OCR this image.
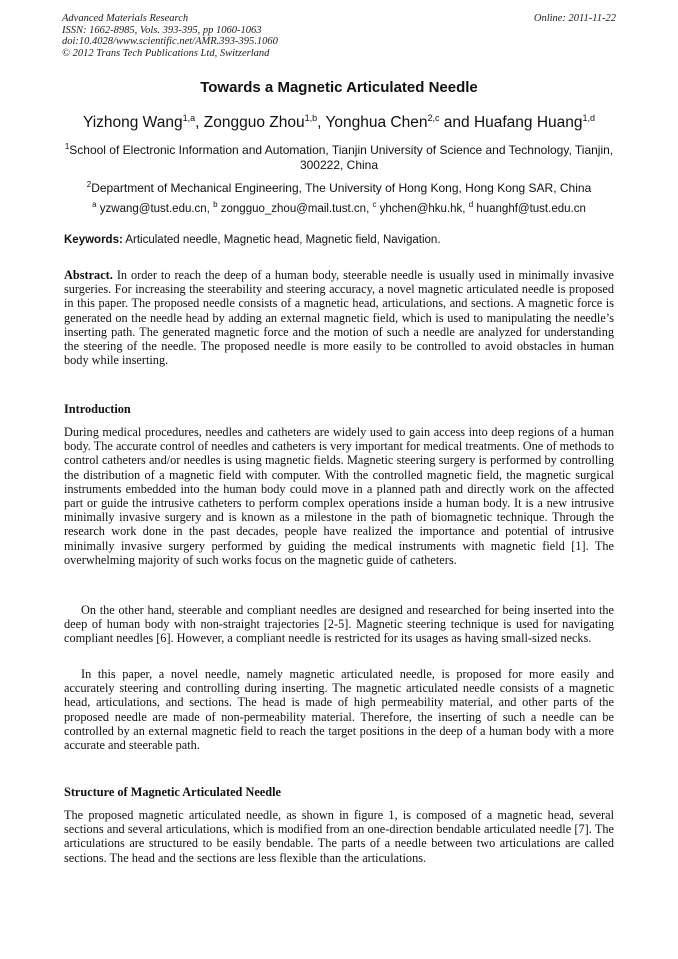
Advanced Materials Research
ISSN: 1662-8985, Vols. 393-395, pp 1060-1063
doi:10.4028/www.scientific.net/AMR.393-395.1060
© 2012 Trans Tech Publications Ltd, Switzerland
Online: 2011-11-22
Towards a Magnetic Articulated Needle
Yizhong Wang$^{1,a}$, Zongguo Zhou$^{1,b}$, Yonghua Chen$^{2,c}$ and Huafang Huang$^{1,d}$
$^1$School of Electronic Information and Automation, Tianjin University of Science and Technology, Tianjin, 300222, China
$^2$Department of Mechanical Engineering, The University of Hong Kong, Hong Kong SAR, China
$^a$ yzwang@tust.edu.cn, $^b$ zongguo_zhou@mail.tust.cn, $^c$ yhchen@hku.hk, $^d$ huanghf@tust.edu.cn
Keywords: Articulated needle, Magnetic head, Magnetic field, Navigation.

Abstract. In order to reach the deep of a human body, steerable needle is usually used in minimally invasive surgeries. For increasing the steerability and steering accuracy, a novel magnetic articulated needle is proposed in this paper. The proposed needle consists of a magnetic head, articulations, and sections. A magnetic force is generated on the needle head by adding an external magnetic field, which is used to manipulating the needle’s inserting path. The generated magnetic force and the motion of such a needle are analyzed for understanding the steering of the needle. The proposed needle is more easily to be controlled to avoid obstacles in human body while inserting.

Introduction

During medical procedures, needles and catheters are widely used to gain access into deep regions of a human body. The accurate control of needles and catheters is very important for medical treatments. One of methods to control catheters and/or needles is using magnetic fields. Magnetic steering surgery is performed by controlling the distribution of a magnetic field with computer. With the controlled magnetic field, the magnetic surgical instruments embedded into the human body could move in a planned path and directly work on the affected part or guide the intrusive catheters to perform complex operations inside a human body. It is a new intrusive minimally invasive surgery and is known as a milestone in the path of biomagnetic technique. Through the research work done in the past decades, people have realized the importance and potential of intrusive minimally invasive surgery performed by guiding the medical instruments with magnetic field [1]. The overwhelming majority of such works focus on the magnetic guide of catheters.

On the other hand, steerable and compliant needles are designed and researched for being inserted into the deep of human body with non-straight trajectories [2-5]. Magnetic steering technique is used for navigating compliant needles [6]. However, a compliant needle is restricted for its usages as having small-sized necks.

In this paper, a novel needle, namely magnetic articulated needle, is proposed for more easily and accurately steering and controlling during inserting. The magnetic articulated needle consists of a magnetic head, articulations, and sections. The head is made of high permeability material, and other parts of the proposed needle are made of non-permeability material. Therefore, the inserting of such a needle can be controlled by an external magnetic field to reach the target positions in the deep of a human body with a more accurate and steerable path.

Structure of Magnetic Articulated Needle

The proposed magnetic articulated needle, as shown in figure 1, is composed of a magnetic head, several sections and several articulations, which is modified from an one-direction bendable articulated needle [7]. The articulations are structured to be easily bendable. The parts of a needle between two articulations are called sections. The head and the sections are less flexible than the articulations.
